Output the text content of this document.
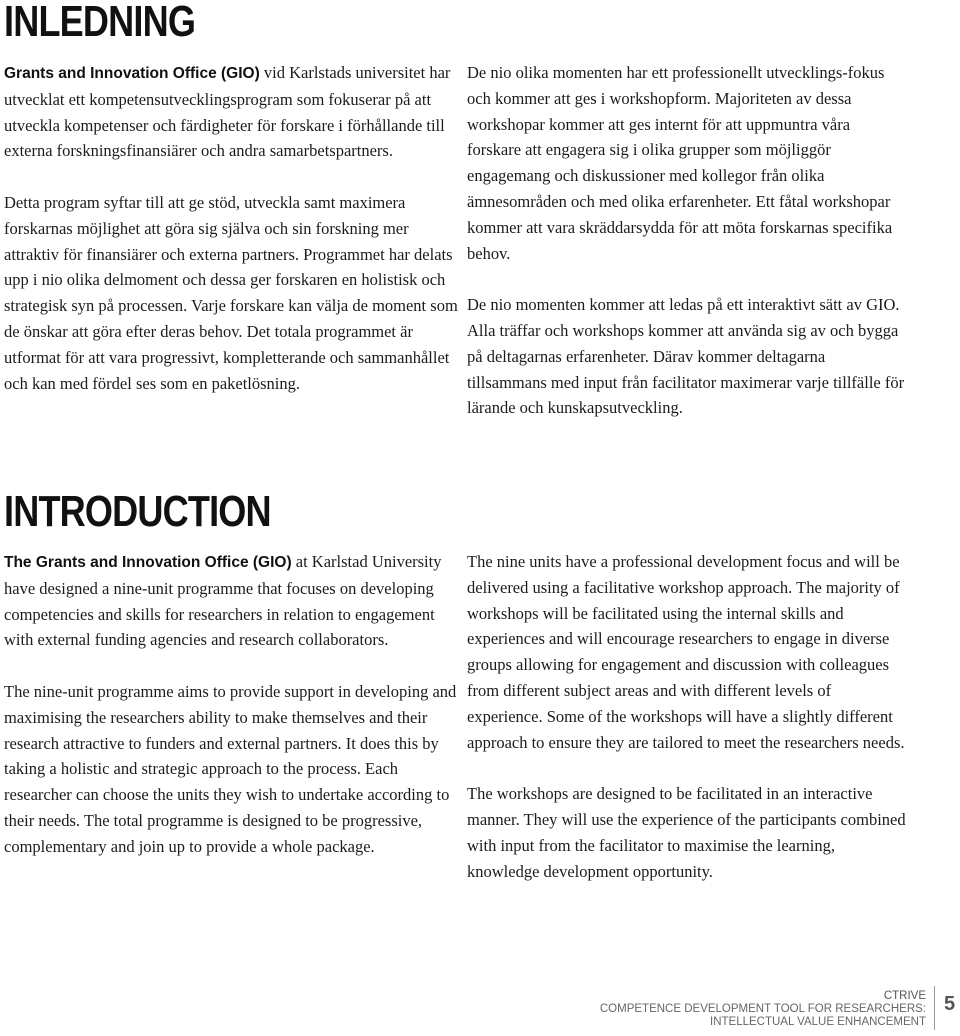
INLEDNING

Grants and Innovation Office (GIO) vid Karlstads universitet har utvecklat ett kompetensutvecklingsprogram som fokuserar på att utveckla kompetenser och färdigheter för forskare i förhållande till externa forskningsfinansiärer och andra samarbetspartners.

Detta program syftar till att ge stöd, utveckla samt maximera forskarnas möjlighet att göra sig själva och sin forskning mer attraktiv för finansiärer och externa partners. Programmet har delats upp i nio olika delmoment och dessa ger forskaren en holistisk och strategisk syn på processen. Varje forskare kan välja de moment som de önskar att göra efter deras behov. Det totala programmet är utformat för att vara progressivt, kompletterande och sammanhållet och kan med fördel ses som en paketlösning.

De nio olika momenten har ett professionellt utvecklings-fokus och kommer att ges i workshopform. Majoriteten av dessa workshopar kommer att ges internt för att uppmuntra våra forskare att engagera sig i olika grupper som möjliggör engagemang och diskussioner med kollegor från olika ämnesområden och med olika erfarenheter. Ett fåtal workshopar kommer att vara skräddarsydda för att möta forskarnas specifika behov.

De nio momenten kommer att ledas på ett interaktivt sätt av GIO. Alla träffar och workshops kommer att använda sig av och bygga på deltagarnas erfarenheter. Därav kommer deltagarna tillsammans med input från facilitator maximerar varje tillfälle för lärande och kunskapsutveckling.

INTRODUCTION

The Grants and Innovation Office (GIO) at Karlstad University have designed a nine-unit programme that focuses on developing competencies and skills for researchers in relation to engagement with external funding agencies and research collaborators.

The nine-unit programme aims to provide support in developing and maximising the researchers ability to make themselves and their research attractive to funders and external partners. It does this by taking a holistic and strategic approach to the process. Each researcher can choose the units they wish to undertake according to their needs. The total programme is designed to be progressive, complementary and join up to provide a whole package.

The nine units have a professional development focus and will be delivered using a facilitative workshop approach. The majority of workshops will be facilitated using the internal skills and experiences and will encourage researchers to engage in diverse groups allowing for engagement and discussion with colleagues from different subject areas and with different levels of experience. Some of the workshops will have a slightly different approach to ensure they are tailored to meet the researchers needs.

The workshops are designed to be facilitated in an interactive manner. They will use the experience of the participants combined with input from the facilitator to maximise the learning, knowledge development opportunity.

CTRIVE
COMPETENCE DEVELOPMENT TOOL FOR RESEARCHERS:
INTELLECTUAL VALUE ENHANCEMENT
5
